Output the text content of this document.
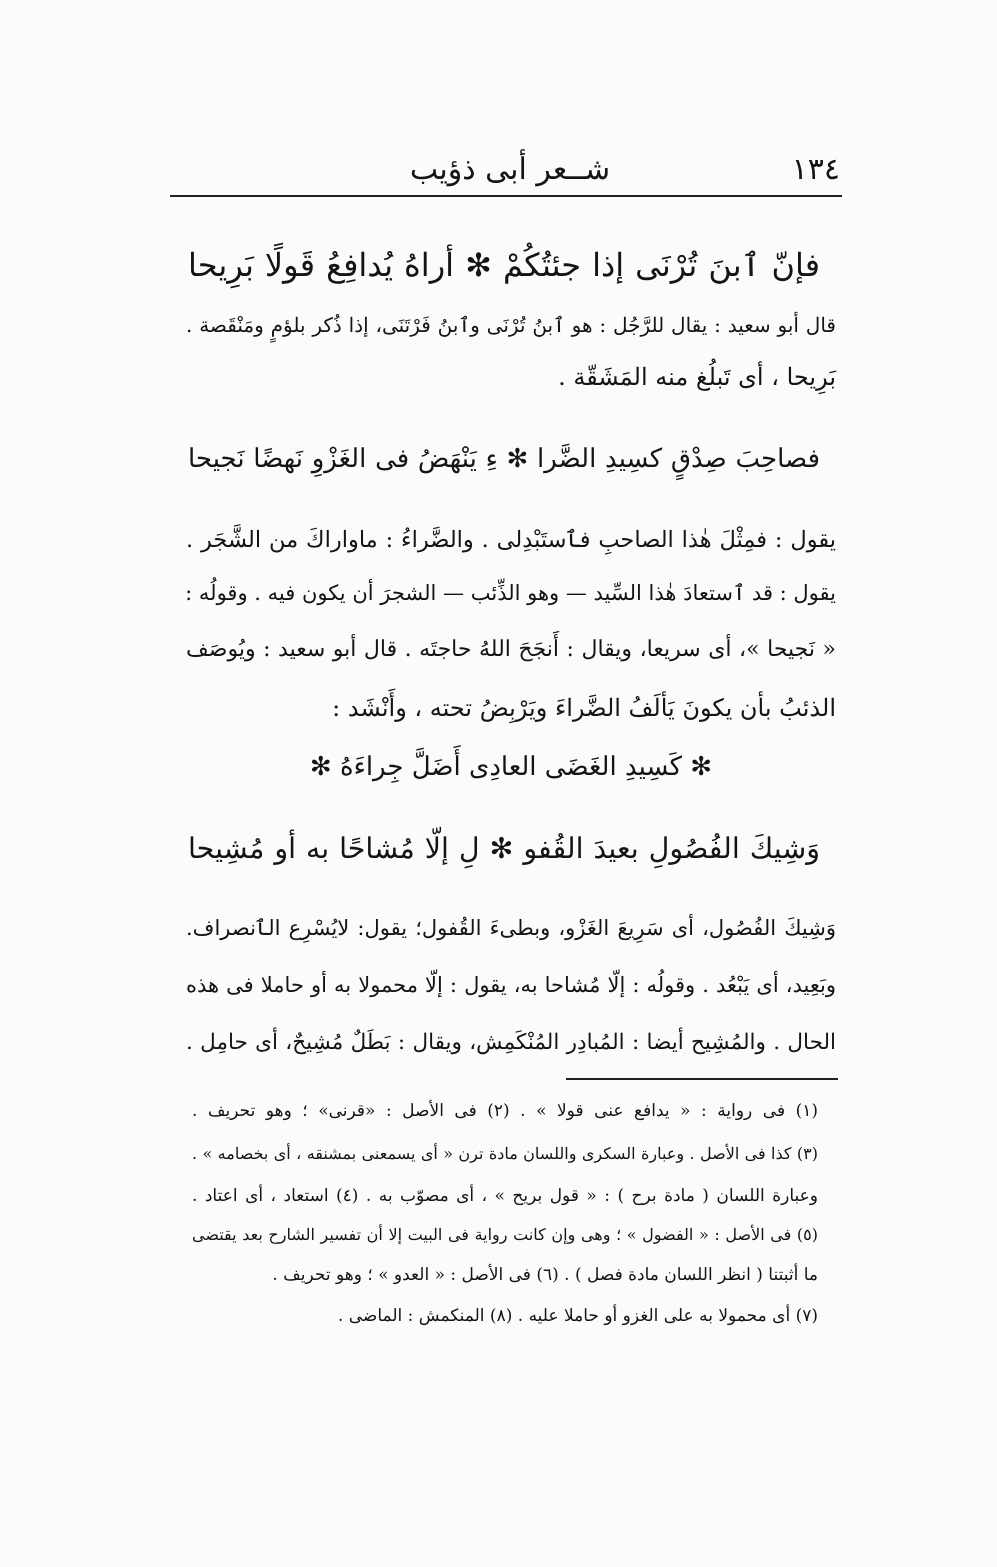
١٣٤
شــعر أبى ذؤيب
فإنّ ٱبنَ تُرْنَى إذا جئتُكُمْ ✻ أراهُ يُدافِعُ قَولًا بَرِيحا
قال أبو سعيد : يقال للرَّجُل : هو ٱبنُ تُرْنَى وٱبنُ فَرْتَنَى، إذا ذُكر بلؤمٍ ومَنْقَصة .
بَرِيحا ، أى تَبلُغ منه المَشَقّة .
فصاحِبَ صِدْقٍ كسِيدِ الضَّرا ✻ ءِ يَنْهَضُ فى الغَزْوِ نَهضًا نَجيحا
يقول : فمِثْلَ هٰذا الصاحبِ فٱستَبْدِلى . والضَّراءُ : ماواراكَ من الشَّجَر .
يقول : قد ٱستعادَ هٰذا السِّيد — وهو الذِّئب — الشجرَ أن يكون فيه . وقولُه :
« نَجيحا »، أى سريعا، ويقال : أَنجَحَ اللهُ حاجتَه . قال أبو سعيد : ويُوصَف
الذئبُ بأن يكونَ يَألَفُ الضَّراءَ ويَرْبِضُ تحته ، وأَنْشَد :
✻ كَسِيدِ الغَضَى العادِى أَضَلَّ جِراءَهُ ✻
وَشِيكَ الفُصُولِ بعيدَ القُفو ✻ لِ إلّا مُشاحًا به أو مُشِيحا
وَشِيكَ الفُصُول، أى سَرِيعَ الغَزْو، وبطىءَ القُفول؛ يقول: لايُسْرِع الٱنصراف.
وبَعِيد، أى يَبْعُد . وقولُه : إلّا مُشاحا به، يقول : إلّا محمولا به أو حاملا فى هذه
الحال . والمُشِيح أيضا : المُبادِر المُنْكَمِش، ويقال : بَطَلٌ مُشِيحٌ، أى حامِل .
(١) فى رواية : « يدافع عنى قولا » . (٢) فى الأصل : «قرنى» ؛ وهو تحريف .
(٣) كذا فى الأصل . وعبارة السكرى واللسان مادة ترن « أى يسمعنى بمشنقه ، أى بخصامه » .
وعبارة اللسان ( مادة برح ) : « قول بريح » ، أى مصوّب به . (٤) استعاد ، أى اعتاد .
(٥) فى الأصل : « الفضول » ؛ وهى وإن كانت رواية فى البيت إلا أن تفسير الشارح بعد يقتضى
ما أثبتنا ( انظر اللسان مادة فصل ) . (٦) فى الأصل : « العدو » ؛ وهو تحريف .
(٧) أى محمولا به على الغزو أو حاملا عليه . (٨) المنكمش : الماضى .
